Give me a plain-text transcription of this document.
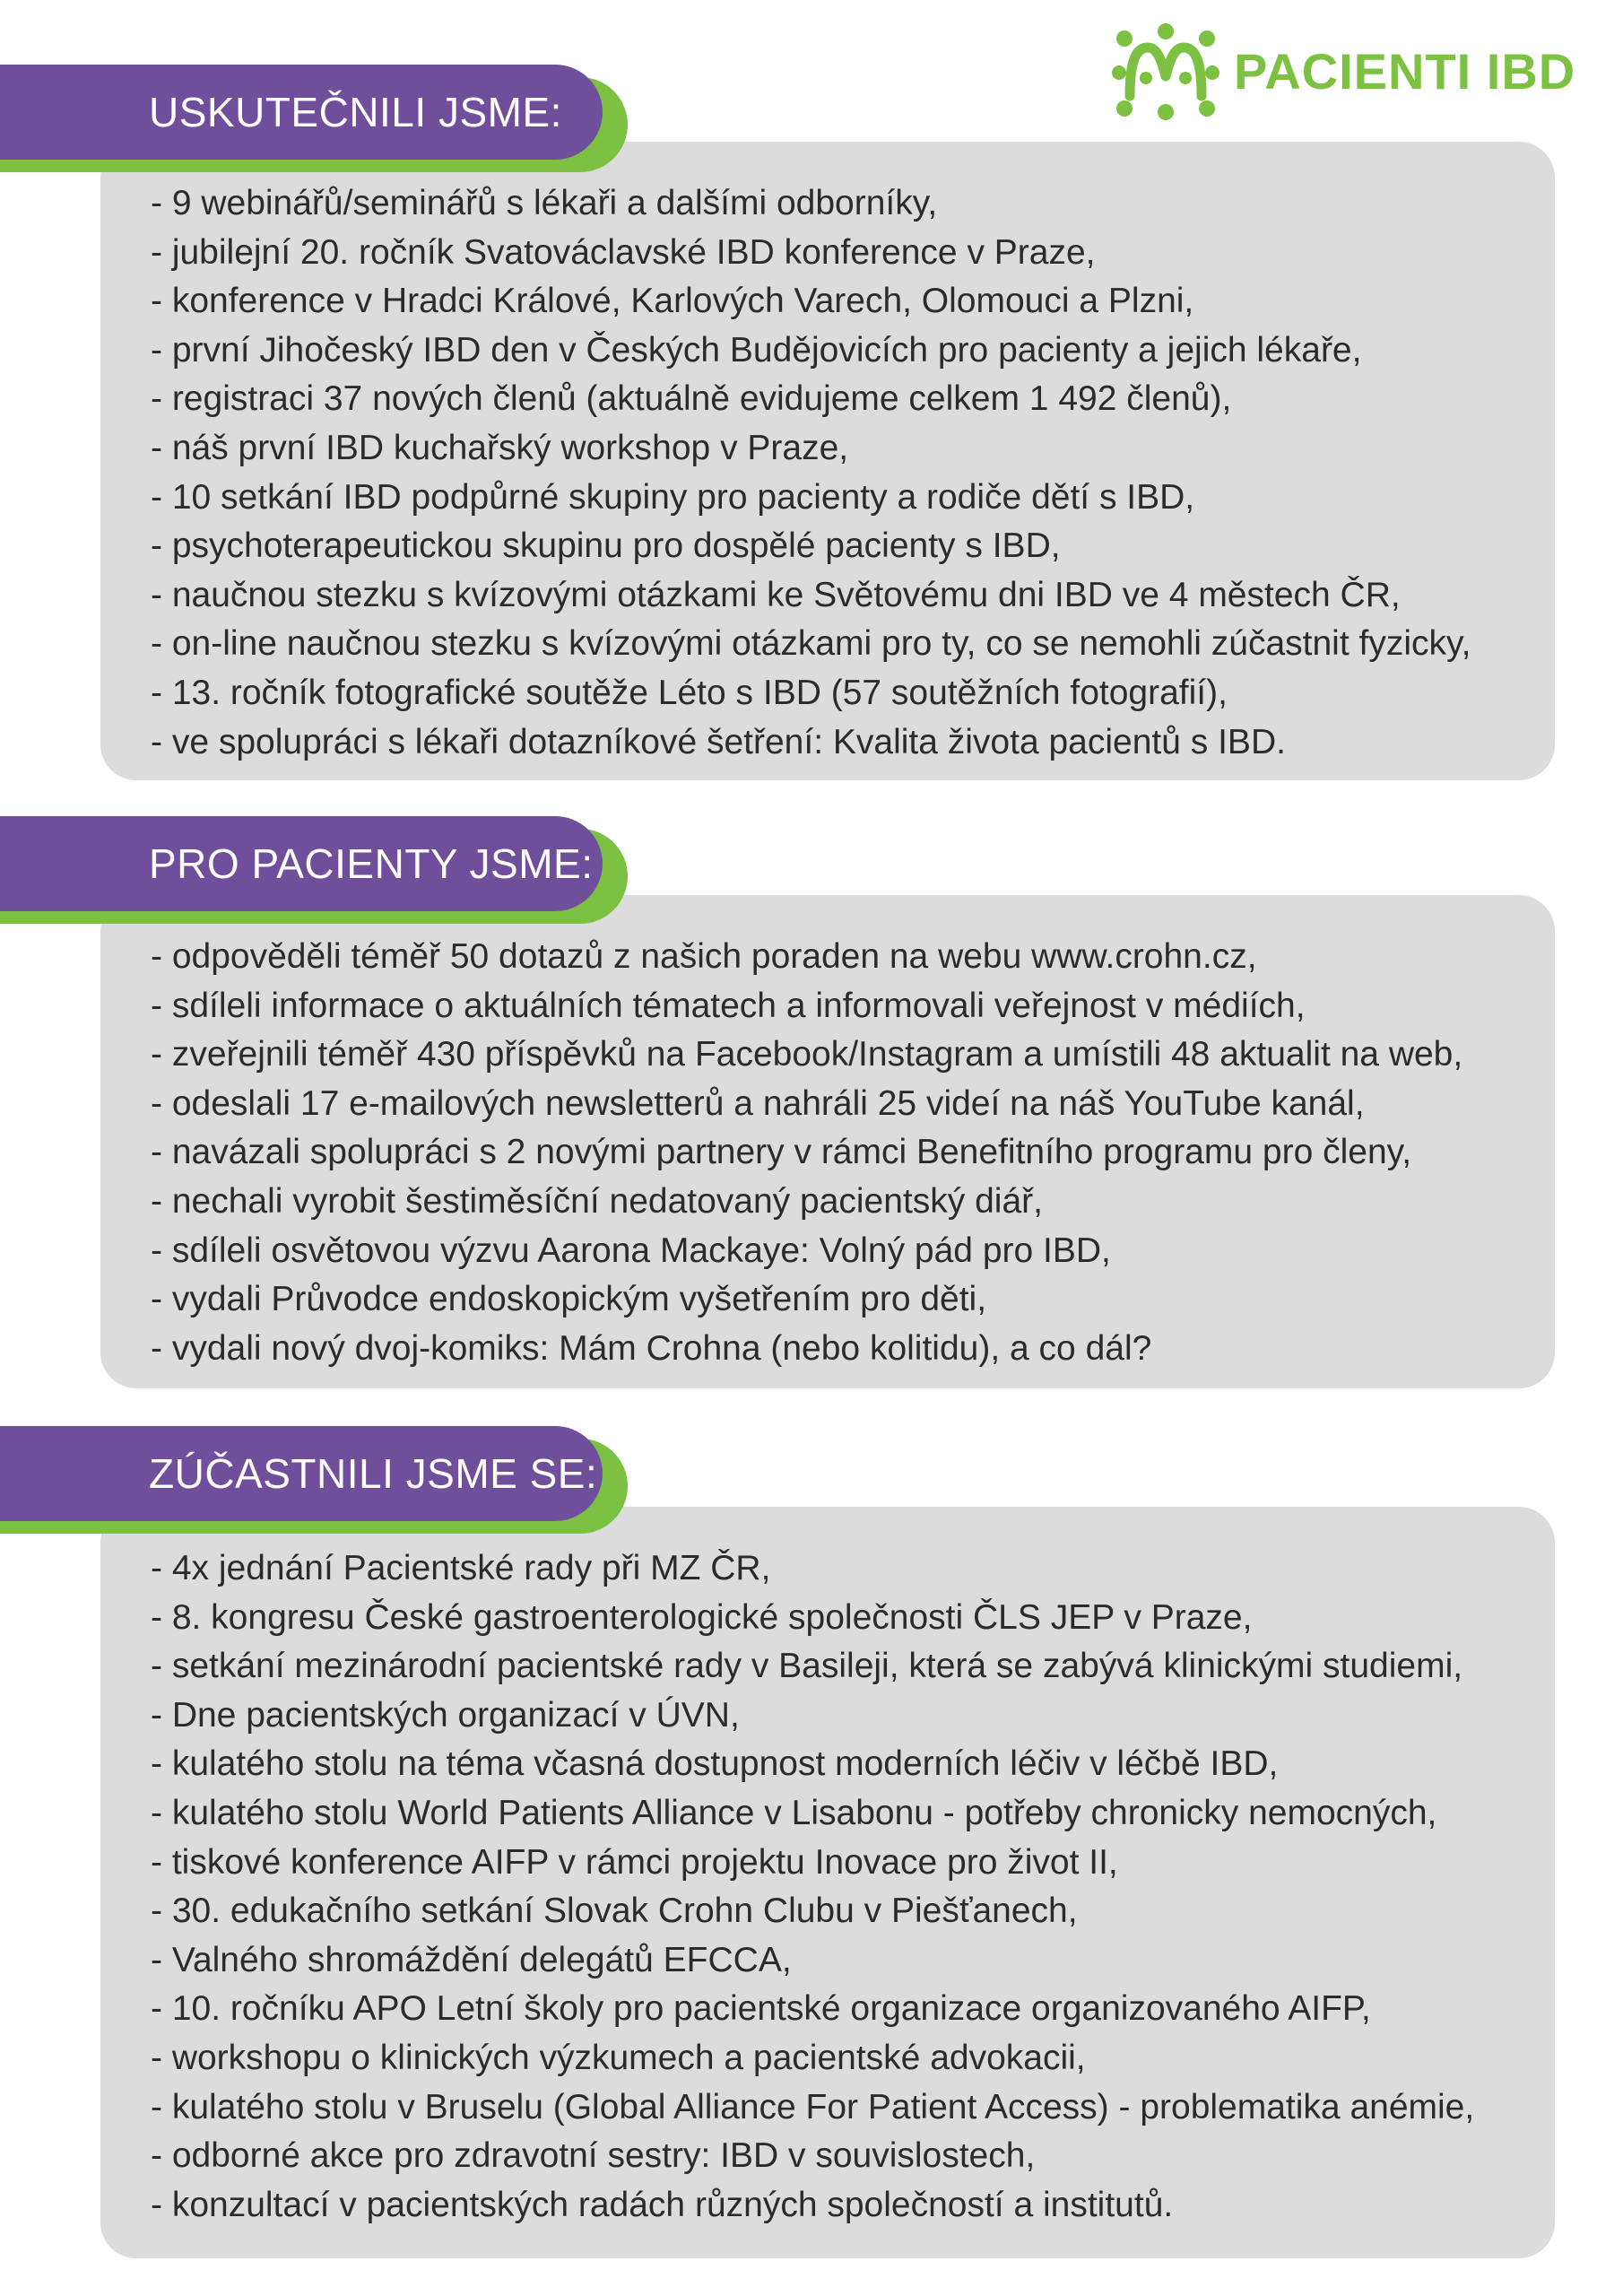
PACIENTI IBD
- 9 webinářů/seminářů s lékaři a dalšími odborníky,
- jubilejní 20. ročník Svatováclavské IBD konference v Praze,
- konference v Hradci Králové, Karlových Varech, Olomouci a Plzni,
- první Jihočeský IBD den v Českých Budějovicích pro pacienty a jejich lékaře,
- registraci 37 nových členů (aktuálně evidujeme celkem 1 492 členů),
- náš první IBD kuchařský workshop v Praze,
- 10 setkání IBD podpůrné skupiny pro pacienty a rodiče dětí s IBD,
- psychoterapeutickou skupinu pro dospělé pacienty s IBD,
- naučnou stezku s kvízovými otázkami ke Světovému dni IBD ve 4 městech ČR,
- on-line naučnou stezku s kvízovými otázkami pro ty, co se nemohli zúčastnit fyzicky,
- 13. ročník fotografické soutěže Léto s IBD (57 soutěžních fotografií),
- ve spolupráci s lékaři dotazníkové šetření: Kvalita života pacientů s IBD.
USKUTEČNILI JSME:
- odpověděli téměř 50 dotazů z našich poraden na webu www.crohn.cz,
- sdíleli informace o aktuálních tématech a informovali veřejnost v médiích,
- zveřejnili téměř 430 příspěvků na Facebook/Instagram a umístili 48 aktualit na web,
- odeslali 17 e-mailových newsletterů a nahráli 25 videí na náš YouTube kanál,
- navázali spolupráci s 2 novými partnery v rámci Benefitního programu pro členy,
- nechali vyrobit šestiměsíční nedatovaný pacientský diář,
- sdíleli osvětovou výzvu Aarona Mackaye: Volný pád pro IBD,
- vydali Průvodce endoskopickým vyšetřením pro děti,
- vydali nový dvoj-komiks: Mám Crohna (nebo kolitidu), a co dál?
PRO PACIENTY JSME:
- 4x jednání Pacientské rady při MZ ČR,
- 8. kongresu České gastroenterologické společnosti ČLS JEP v Praze,
- setkání mezinárodní pacientské rady v Basileji, která se zabývá klinickými studiemi,
- Dne pacientských organizací v ÚVN,
- kulatého stolu na téma včasná dostupnost moderních léčiv v léčbě IBD,
- kulatého stolu World Patients Alliance v Lisabonu - potřeby chronicky nemocných,
- tiskové konference AIFP v rámci projektu Inovace pro život II,
- 30. edukačního setkání Slovak Crohn Clubu v Piešťanech,
- Valného shromáždění delegátů EFCCA,
- 10. ročníku APO Letní školy pro pacientské organizace organizovaného AIFP,
- workshopu o klinických výzkumech a pacientské advokacii,
- kulatého stolu v Bruselu (Global Alliance For Patient Access) - problematika anémie,
- odborné akce pro zdravotní sestry: IBD v souvislostech,
- konzultací v pacientských radách různých společností a institutů.
ZÚČASTNILI JSME SE:
